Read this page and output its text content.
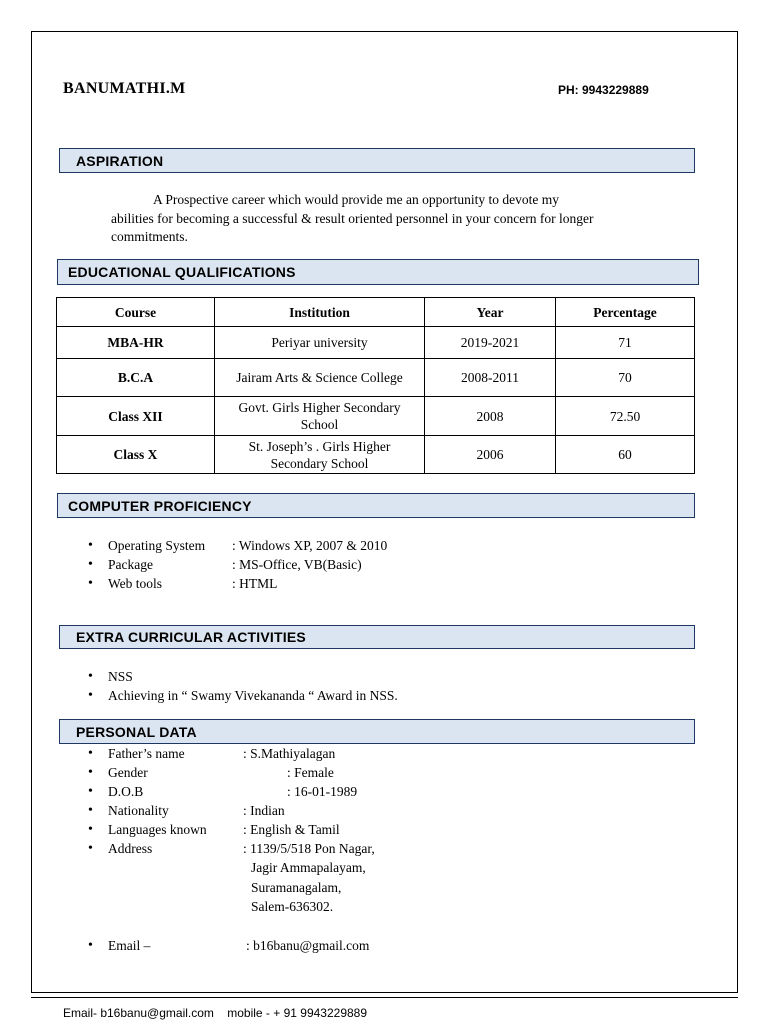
BANUMATHI.M	PH: 9943229889
ASPIRATION
A Prospective career which would provide me an opportunity to devote my
abilities for becoming a successful & result oriented personnel in your concern for longer
commitments.
EDUCATIONAL QUALIFICATIONS
Course	Institution	Year	Percentage
MBA-HR	Periyar university	2019-2021	71
B.C.A	Jairam Arts & Science College	2008-2011	70
Class XII	Govt. Girls Higher Secondary School	2008	72.50
Class X	St. Joseph’s . Girls Higher Secondary School	2006	60
COMPUTER PROFICIENCY
• Operating System : Windows XP, 2007 & 2010
• Package	: MS-Office, VB(Basic)
• Web tools	: HTML
EXTRA CURRICULAR ACTIVITIES
• NSS
• Achieving in “ Swamy Vivekananda “ Award in NSS.
PERSONAL DATA
• Father’s name	: S.Mathiyalagan
• Gender	: Female
• D.O.B	: 16-01-1989
• Nationality	: Indian
• Languages known	: English & Tamil
• Address	: 1139/5/518 Pon Nagar,
Jagir Ammapalayam,
Suramanagalam,
Salem-636302.
• Email –	: b16banu@gmail.com
Email- b16banu@gmail.com    mobile - + 91 9943229889
